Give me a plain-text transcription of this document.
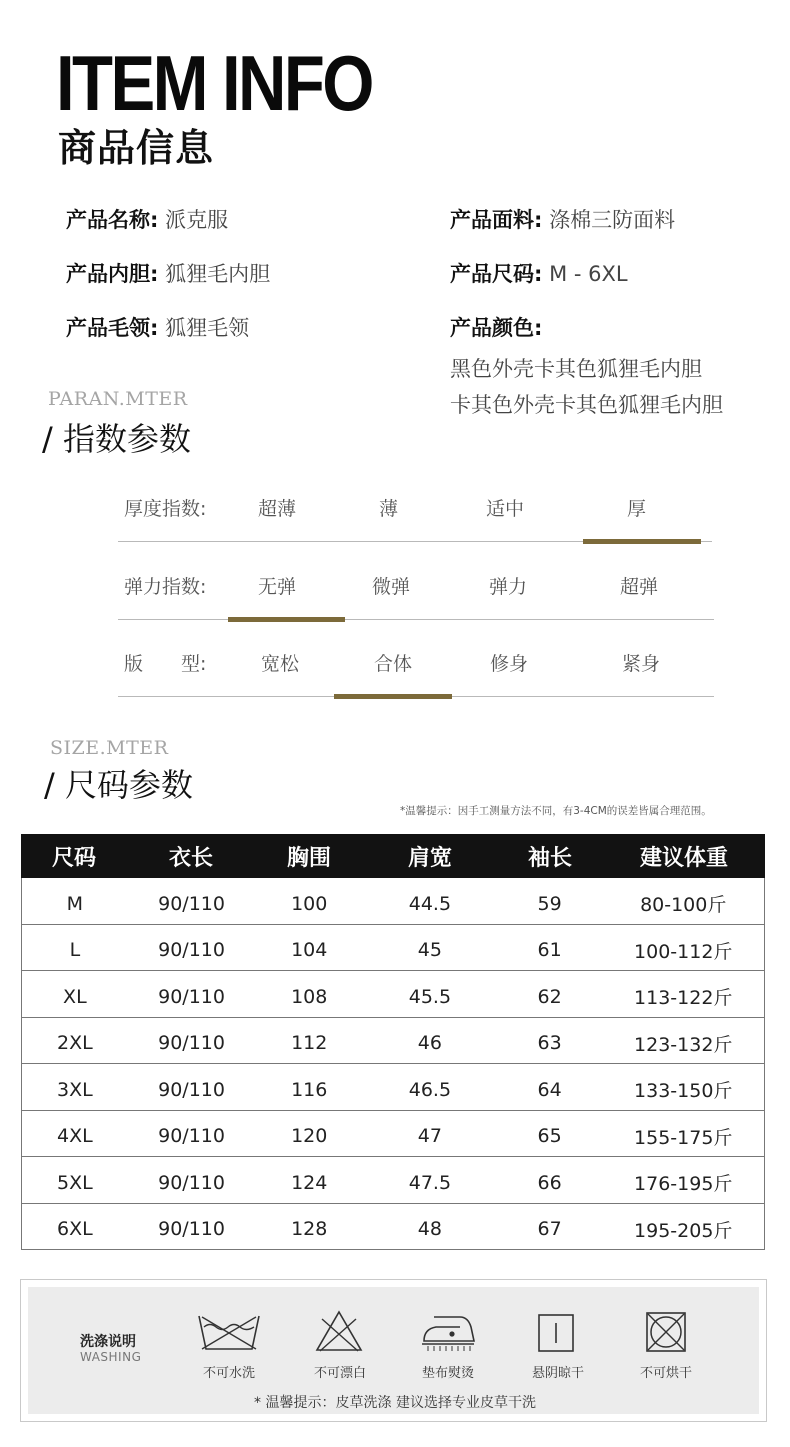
ITEM INFO
商品信息
产品名称: 派克服	产品面料: 涤棉三防面料
产品内胆: 狐狸毛内胆	产品尺码: M - 6XL
产品毛领: 狐狸毛领	产品颜色:
黑色外壳卡其色狐狸毛内胆
卡其色外壳卡其色狐狸毛内胆
PARAN.MTER
/ 指数参数
厚度指数:	超薄	薄	适中	厚
弹力指数:	无弹	微弹	弹力	超弹
版　　型:	宽松	合体	修身	紧身
SIZE.MTER
/ 尺码参数
*温馨提示：因手工测量方法不同，有3-4CM的误差皆属合理范围。
尺码	衣长	胸围	肩宽	袖长	建议体重
M	90/110	100	44.5	59	80-100斤
L	90/110	104	45	61	100-112斤
XL	90/110	108	45.5	62	113-122斤
2XL	90/110	112	46	63	123-132斤
3XL	90/110	116	46.5	64	133-150斤
4XL	90/110	120	47	65	155-175斤
5XL	90/110	124	47.5	66	176-195斤
6XL	90/110	128	48	67	195-205斤
洗涤说明
WASHING
不可水洗	不可漂白	垫布熨烫	悬阴晾干	不可烘干
* 温馨提示：皮草洗涤 建议选择专业皮草干洗
